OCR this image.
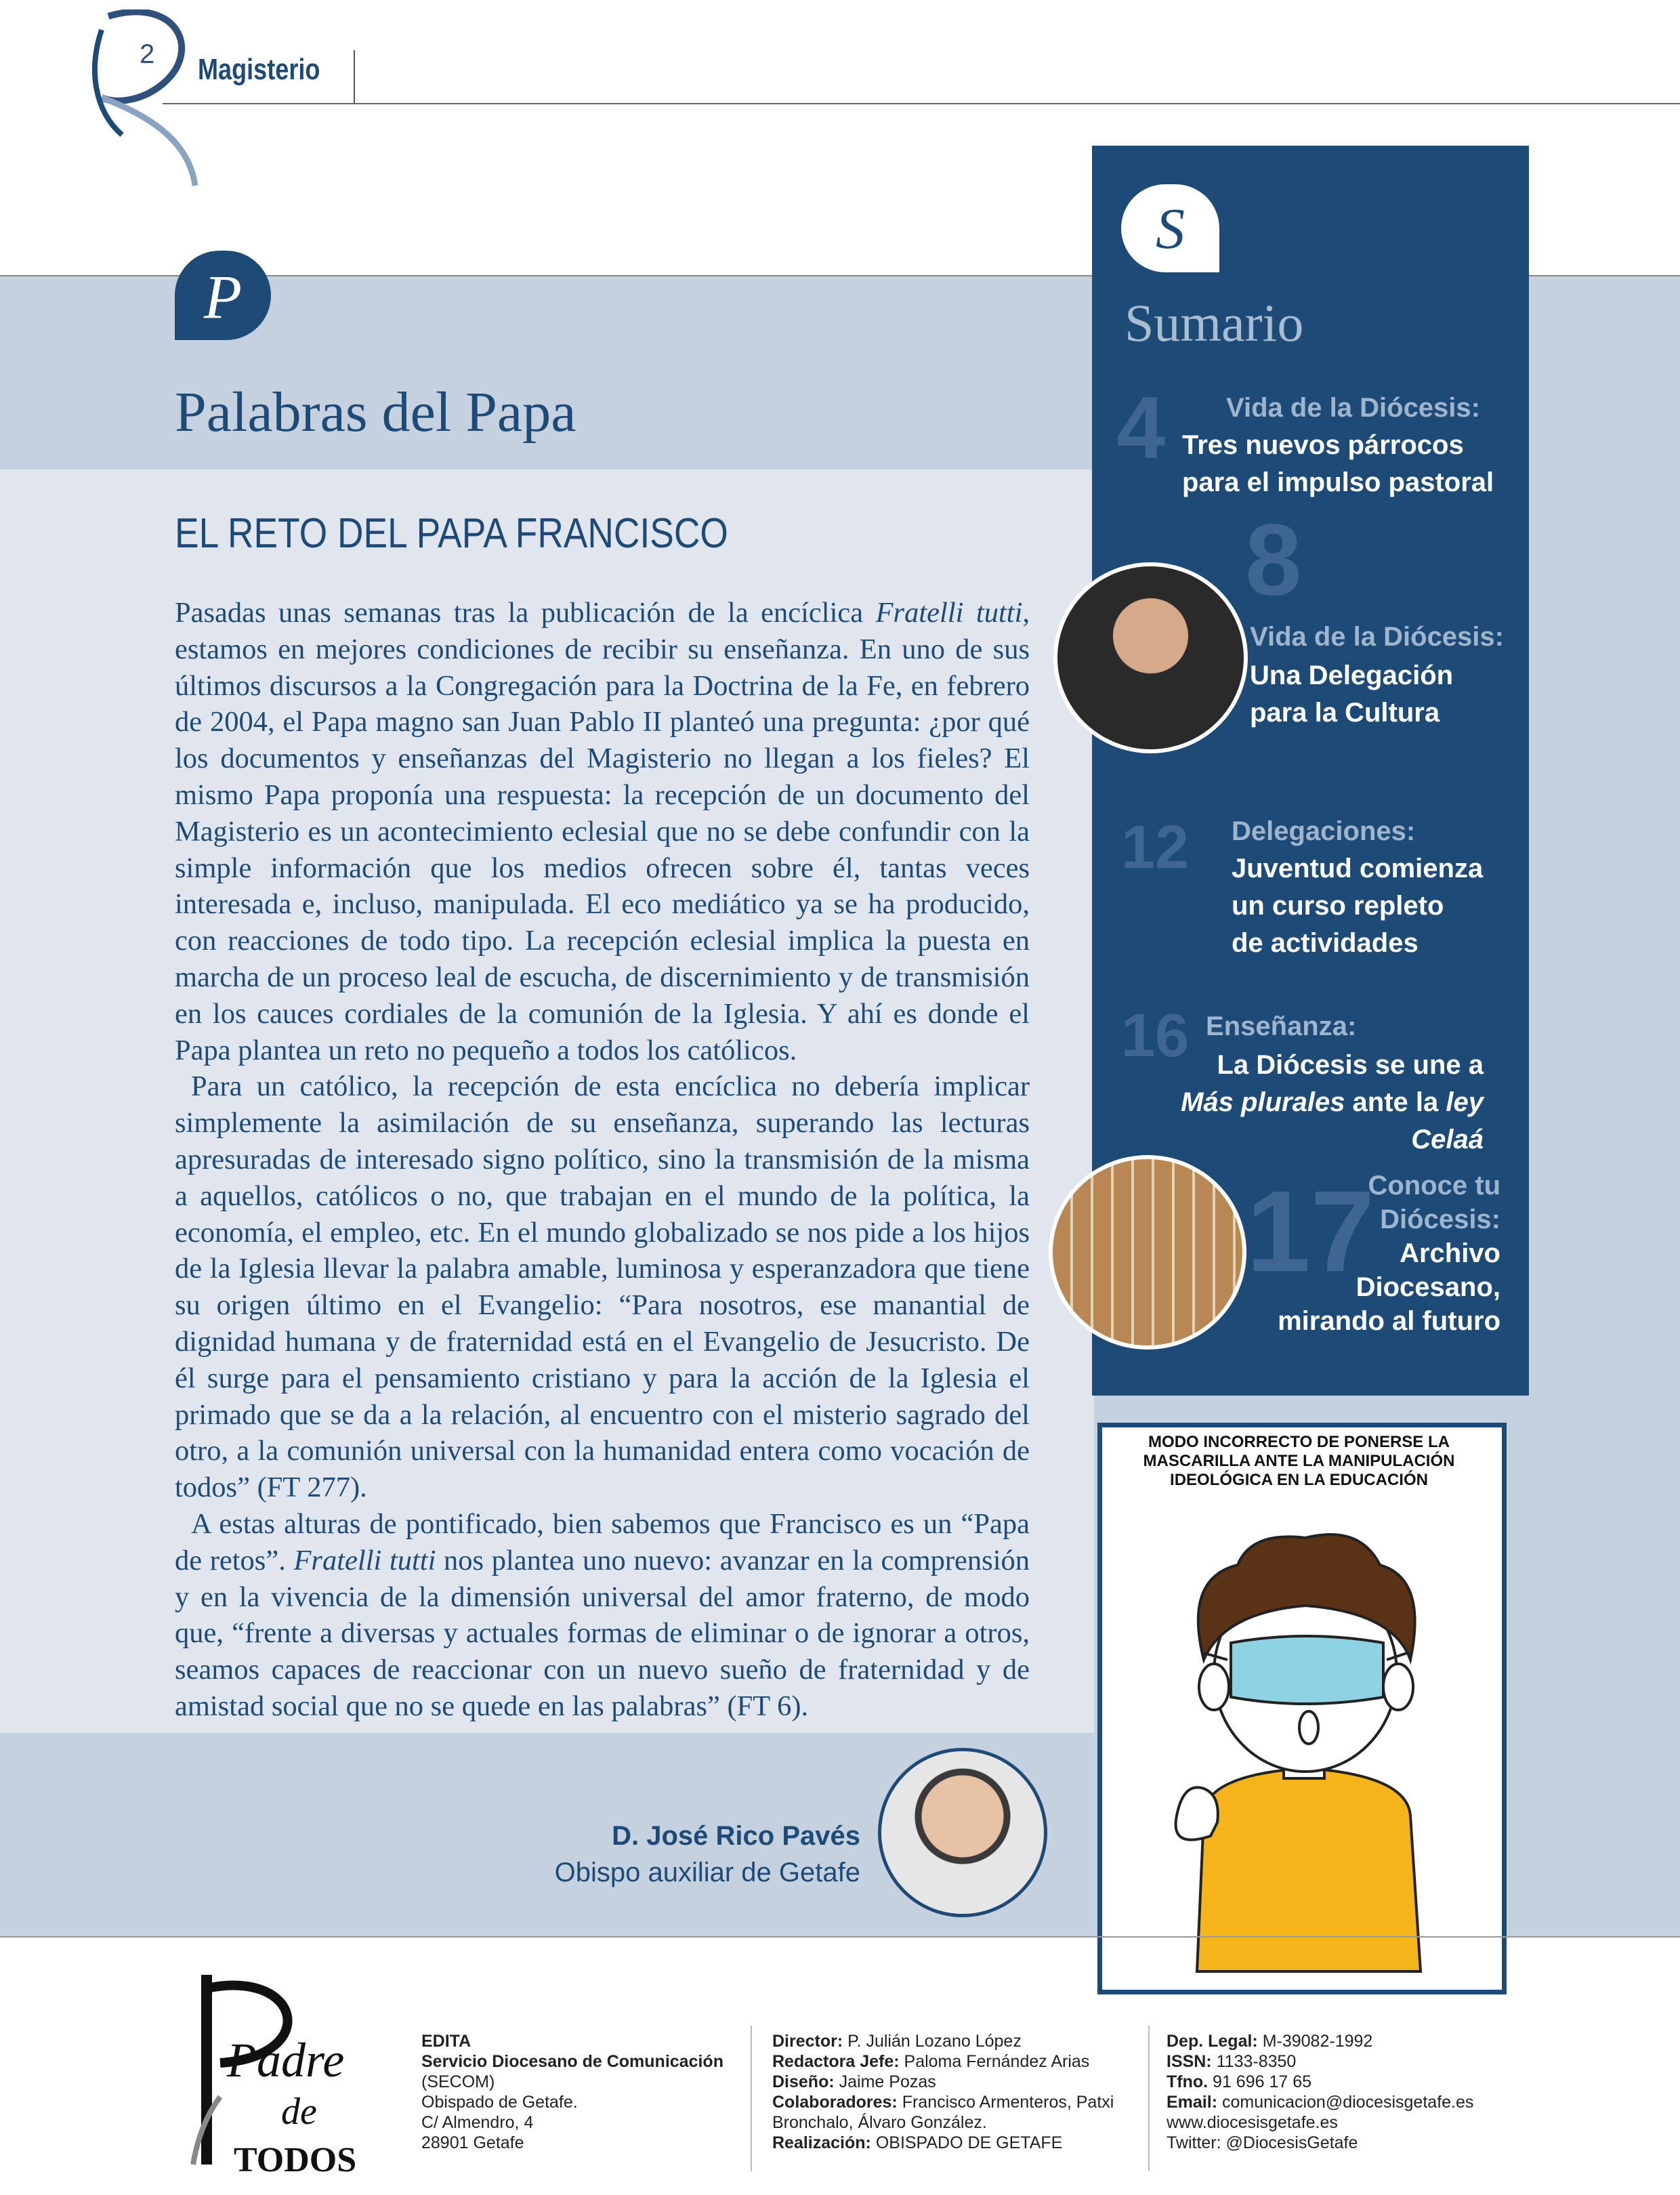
2 Magisterio
P
Palabras del Papa
EL RETO DEL PAPA FRANCISCO

Pasadas unas semanas tras la publicación de la encíclica Fratelli tutti, estamos en mejores condiciones de recibir su enseñanza. En uno de sus últimos discursos a la Congregación para la Doctrina de la Fe, en febrero de 2004, el Papa magno san Juan Pablo II planteó una pregunta: ¿por qué los documentos y enseñanzas del Magisterio no llegan a los fieles? El mismo Papa proponía una respuesta: la recepción de un documento del Magisterio es un acontecimiento eclesial que no se debe confundir con la simple información que los medios ofrecen sobre él, tantas veces interesada e, incluso, manipulada. El eco mediático ya se ha producido, con reacciones de todo tipo. La recepción eclesial implica la puesta en marcha de un proceso leal de escucha, de discernimiento y de transmisión en los cauces cordiales de la comunión de la Iglesia. Y ahí es donde el Papa plantea un reto no pequeño a todos los católicos.

Para un católico, la recepción de esta encíclica no debería implicar simplemente la asimilación de su enseñanza, superando las lecturas apresuradas de interesado signo político, sino la transmisión de la misma a aquellos, católicos o no, que trabajan en el mundo de la política, la economía, el empleo, etc. En el mundo globalizado se nos pide a los hijos de la Iglesia llevar la palabra amable, luminosa y esperanzadora que tiene su origen último en el Evangelio: “Para nosotros, ese manantial de dignidad humana y de fraternidad está en el Evangelio de Jesucristo. De él surge para el pensamiento cristiano y para la acción de la Iglesia el primado que se da a la relación, al encuentro con el misterio sagrado del otro, a la comunión universal con la humanidad entera como vocación de todos” (FT 277).

A estas alturas de pontificado, bien sabemos que Francisco es un “Papa de retos”. Fratelli tutti nos plantea uno nuevo: avanzar en la comprensión y en la vivencia de la dimensión universal del amor fraterno, de modo que, “frente a diversas y actuales formas de eliminar o de ignorar a otros, seamos capaces de reaccionar con un nuevo sueño de fraternidad y de amistad social que no se quede en las palabras” (FT 6).

D. José Rico Pavés
Obispo auxiliar de Getafe
S
Sumario
4 Vida de la Diócesis:
Tres nuevos párrocos
para el impulso pastoral
8
Vida de la Diócesis:
Una Delegación
para la Cultura
12 Delegaciones:
Juventud comienza
un curso repleto
de actividades
16 Enseñanza:
La Diócesis se une a
Más plurales ante la ley Celaá
17
Conoce tu
Diócesis:
Archivo
Diocesano,
mirando al futuro
MODO INCORRECTO DE PONERSE LA
MASCARILLA ANTE LA MANIPULACIÓN
IDEOLÓGICA EN LA EDUCACIÓN
Padre
de
TODOS
EDITA
Servicio Diocesano de Comunicación (SECOM)
Obispado de Getafe.
C/ Almendro, 4
28901 Getafe
Director: P. Julián Lozano López
Redactora Jefe: Paloma Fernández Arias
Diseño: Jaime Pozas
Colaboradores: Francisco Armenteros, Patxi Bronchalo, Álvaro González.
Realización: OBISPADO DE GETAFE
Dep. Legal: M-39082-1992
ISSN: 1133-8350
Tfno. 91 696 17 65
Email: comunicacion@diocesisgetafe.es
www.diocesisgetafe.es
Twitter: @DiocesisGetafe
